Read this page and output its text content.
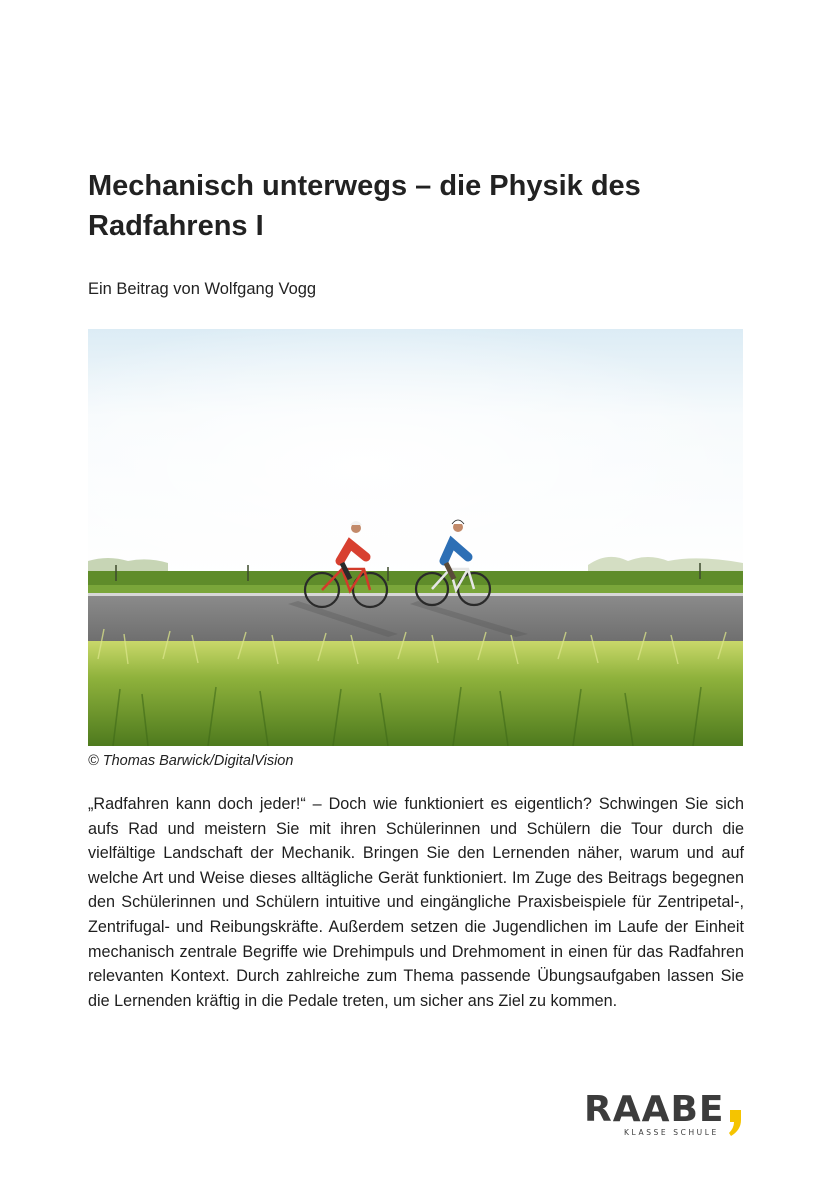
Mechanisch unterwegs – die Physik des Radfahrens I
Ein Beitrag von Wolfgang Vogg
© Thomas Barwick/DigitalVision

„Radfahren kann doch jeder!“ – Doch wie funktioniert es eigentlich? Schwingen Sie sich aufs Rad und meistern Sie mit ihren Schülerinnen und Schülern die Tour durch die vielfältige Landschaft der Mechanik. Bringen Sie den Lernenden näher, warum und auf welche Art und Weise dieses alltägliche Gerät funktioniert. Im Zuge des Beitrags begegnen den Schülerinnen und Schülern intuitive und eingängliche Praxisbeispiele für Zentripetal-, Zentrifugal- und Reibungskräfte. Außerdem setzen die Jugendlichen im Laufe der Einheit mechanisch zentrale Begriffe wie Drehimpuls und Drehmoment in einen für das Radfahren relevanten Kontext. Durch zahlreiche zum Thema passende Übungsaufgaben lassen Sie die Lernenden kräftig in die Pedale treten, um sicher ans Ziel zu kommen.

RAABE
KLASSE SCHULE
